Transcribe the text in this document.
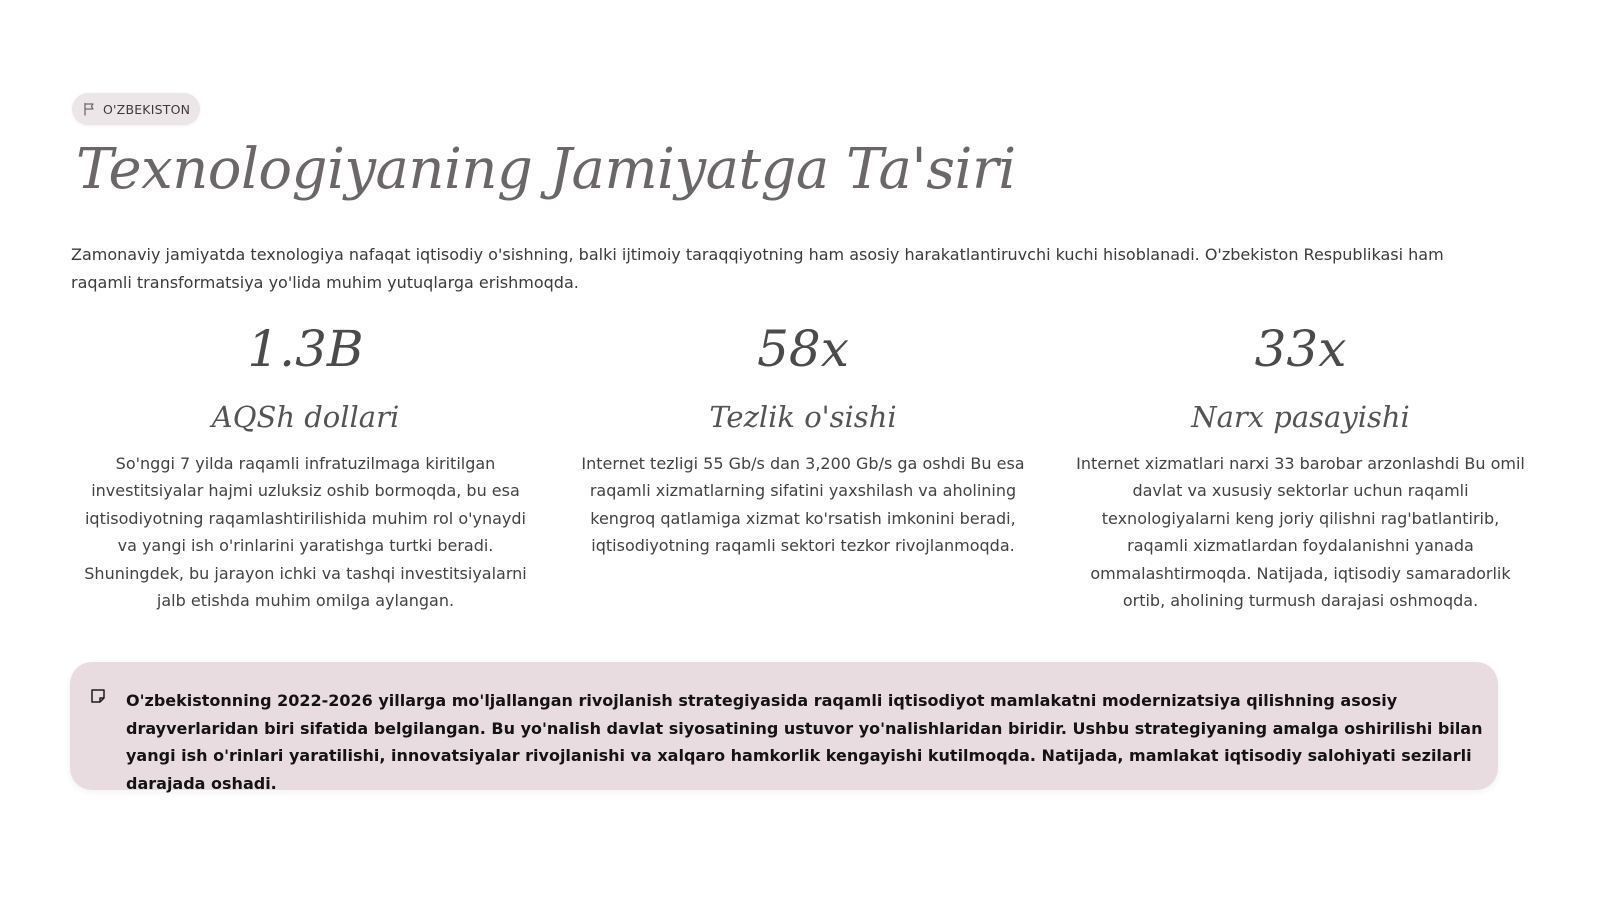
O'ZBEKISTON
Texnologiyaning Jamiyatga Ta'siri

Zamonaviy jamiyatda texnologiya nafaqat iqtisodiy o'sishning, balki ijtimoiy taraqqiyotning ham asosiy harakatlantiruvchi kuchi hisoblanadi. O'zbekiston Respublikasi ham raqamli transformatsiya yo'lida muhim yutuqlarga erishmoqda.

1.3B

AQSh dollari

So'nggi 7 yilda raqamli infratuzilmaga kiritilgan investitsiyalar hajmi uzluksiz oshib bormoqda, bu esa iqtisodiyotning raqamlashtirilishida muhim rol o'ynaydi va yangi ish o'rinlarini yaratishga turtki beradi. Shuningdek, bu jarayon ichki va tashqi investitsiyalarni jalb etishda muhim omilga aylangan.

58x

Tezlik o'sishi

Internet tezligi 55 Gb/s dan 3,200 Gb/s ga oshdi Bu esa raqamli xizmatlarning sifatini yaxshilash va aholining kengroq qatlamiga xizmat ko'rsatish imkonini beradi, iqtisodiyotning raqamli sektori tezkor rivojlanmoqda.

33x

Narx pasayishi

Internet xizmatlari narxi 33 barobar arzonlashdi Bu omil davlat va xususiy sektorlar uchun raqamli texnologiyalarni keng joriy qilishni rag'batlantirib, raqamli xizmatlardan foydalanishni yanada ommalashtirmoqda. Natijada, iqtisodiy samaradorlik ortib, aholining turmush darajasi oshmoqda.

O'zbekistonning 2022-2026 yillarga mo'ljallangan rivojlanish strategiyasida raqamli iqtisodiyot mamlakatni modernizatsiya qilishning asosiy drayverlaridan biri sifatida belgilangan. Bu yo'nalish davlat siyosatining ustuvor yo'nalishlaridan biridir. Ushbu strategiyaning amalga oshirilishi bilan yangi ish o'rinlari yaratilishi, innovatsiyalar rivojlanishi va xalqaro hamkorlik kengayishi kutilmoqda. Natijada, mamlakat iqtisodiy salohiyati sezilarli darajada oshadi.
